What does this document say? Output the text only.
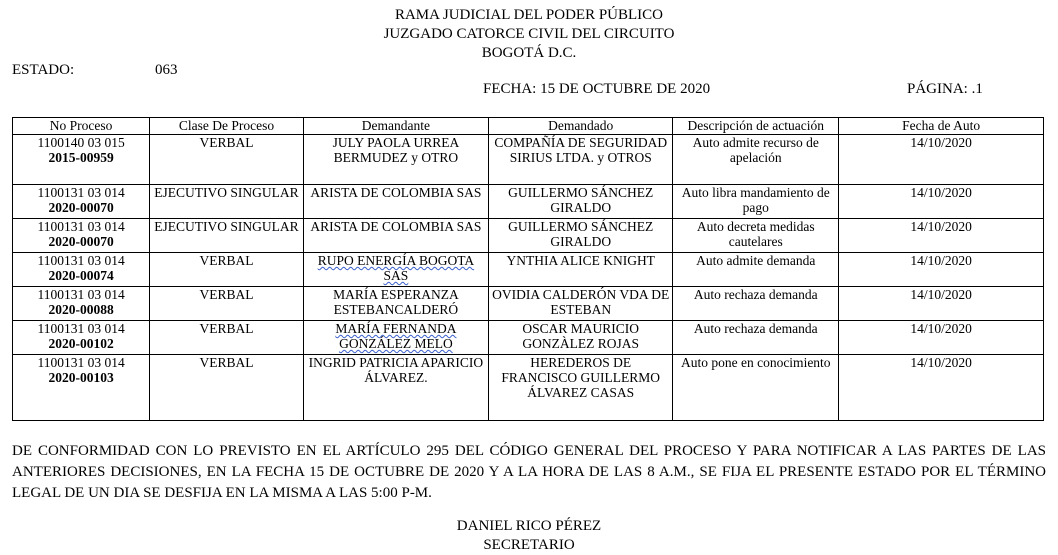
RAMA JUDICIAL DEL PODER PÚBLICO
JUZGADO CATORCE CIVIL DEL CIRCUITO
BOGOTÁ D.C.
ESTADO:	063
FECHA: 15 DE OCTUBRE DE 2020	PÁGINA: .1
No Proceso	Clase De Proceso	Demandante	Demandado	Descripción de actuación	Fecha de Auto

1100140 03 015
2015-00959	VERBAL	JULY PAOLA URREA BERMUDEZ y OTRO	COMPAÑÍA DE SEGURIDAD SIRIUS LTDA. y OTROS	Auto admite recurso de apelación	14/10/2020

1100131 03 014
2020-00070	EJECUTIVO SINGULAR	ARISTA DE COLOMBIA SAS	GUILLERMO SÁNCHEZ GIRALDO	Auto libra mandamiento de pago	14/10/2020

1100131 03 014
2020-00070	EJECUTIVO SINGULAR	ARISTA DE COLOMBIA SAS	GUILLERMO SÁNCHEZ GIRALDO	Auto decreta medidas cautelares	14/10/2020

1100131 03 014
2020-00074	VERBAL	RUPO ENERGÍA BOGOTA SAS	YNTHIA ALICE KNIGHT	Auto admite demanda	14/10/2020

1100131 03 014
2020-00088	VERBAL	MARÍA ESPERANZA ESTEBANCALDERÓ	OVIDIA CALDERÓN VDA DE ESTEBAN	Auto rechaza demanda	14/10/2020

1100131 03 014
2020-00102	VERBAL	MARÍA FERNANDA GONZÁLEZ MELO	OSCAR MAURICIO GONZÀLEZ ROJAS	Auto rechaza demanda	14/10/2020

1100131 03 014
2020-00103	VERBAL	INGRID PATRICIA APARICIO ÁLVAREZ.	HEREDEROS DE FRANCISCO GUILLERMO ÁLVAREZ CASAS	Auto pone en conocimiento	14/10/2020
DE CONFORMIDAD CON LO PREVISTO EN EL ARTÍCULO 295 DEL CÓDIGO GENERAL DEL PROCESO Y PARA NOTIFICAR A LAS PARTES DE LAS ANTERIORES DECISIONES, EN LA FECHA 15 DE OCTUBRE DE 2020 Y A LA HORA DE LAS 8 A.M., SE FIJA EL PRESENTE ESTADO POR EL TÉRMINO LEGAL DE UN DIA SE DESFIJA EN LA MISMA A LAS 5:00 P-M.
DANIEL RICO PÉREZ
SECRETARIO
